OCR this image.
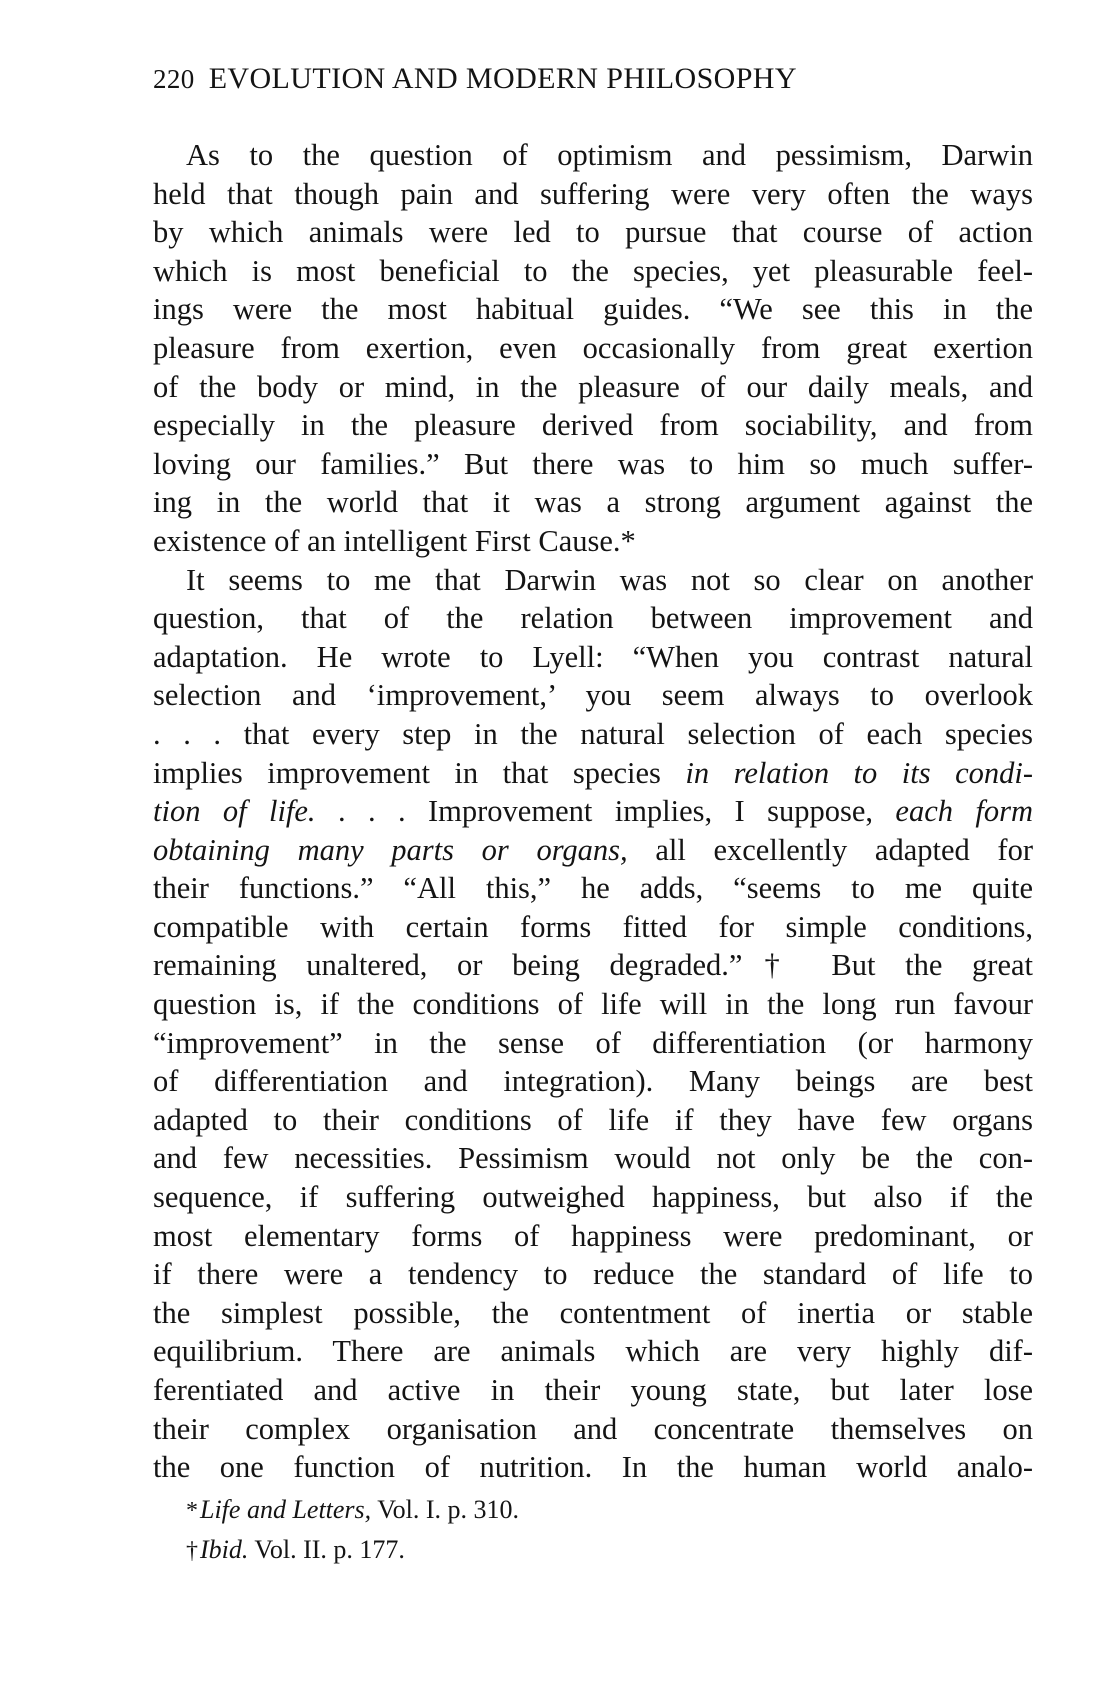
220 EVOLUTION AND MODERN PHILOSOPHY
As to the question of optimism and pessimism, Darwin
held that though pain and suffering were very often the ways
by which animals were led to pursue that course of action
which is most beneficial to the species, yet pleasurable feel-
ings were the most habitual guides. “We see this in the
pleasure from exertion, even occasionally from great exertion
of the body or mind, in the pleasure of our daily meals, and
especially in the pleasure derived from sociability, and from
loving our families.” But there was to him so much suffer-
ing in the world that it was a strong argument against the
existence of an intelligent First Cause.*
It seems to me that Darwin was not so clear on another
question, that of the relation between improvement and
adaptation. He wrote to Lyell: “When you contrast natural
selection and ‘improvement,’ you seem always to overlook
. . . that every step in the natural selection of each species
implies improvement in that species in relation to its condi-
tion of life. . . . Improvement implies, I suppose, each form
obtaining many parts or organs, all excellently adapted for
their functions.” “All this,” he adds, “seems to me quite
compatible with certain forms fitted for simple conditions,
remaining unaltered, or being degraded.”† But the great
question is, if the conditions of life will in the long run favour
“improvement” in the sense of differentiation (or harmony
of differentiation and integration). Many beings are best
adapted to their conditions of life if they have few organs
and few necessities. Pessimism would not only be the con-
sequence, if suffering outweighed happiness, but also if the
most elementary forms of happiness were predominant, or
if there were a tendency to reduce the standard of life to
the simplest possible, the contentment of inertia or stable
equilibrium. There are animals which are very highly dif-
ferentiated and active in their young state, but later lose
their complex organisation and concentrate themselves on
the one function of nutrition. In the human world analo-
*Life and Letters, Vol. I. p. 310.
†Ibid. Vol. II. p. 177.
